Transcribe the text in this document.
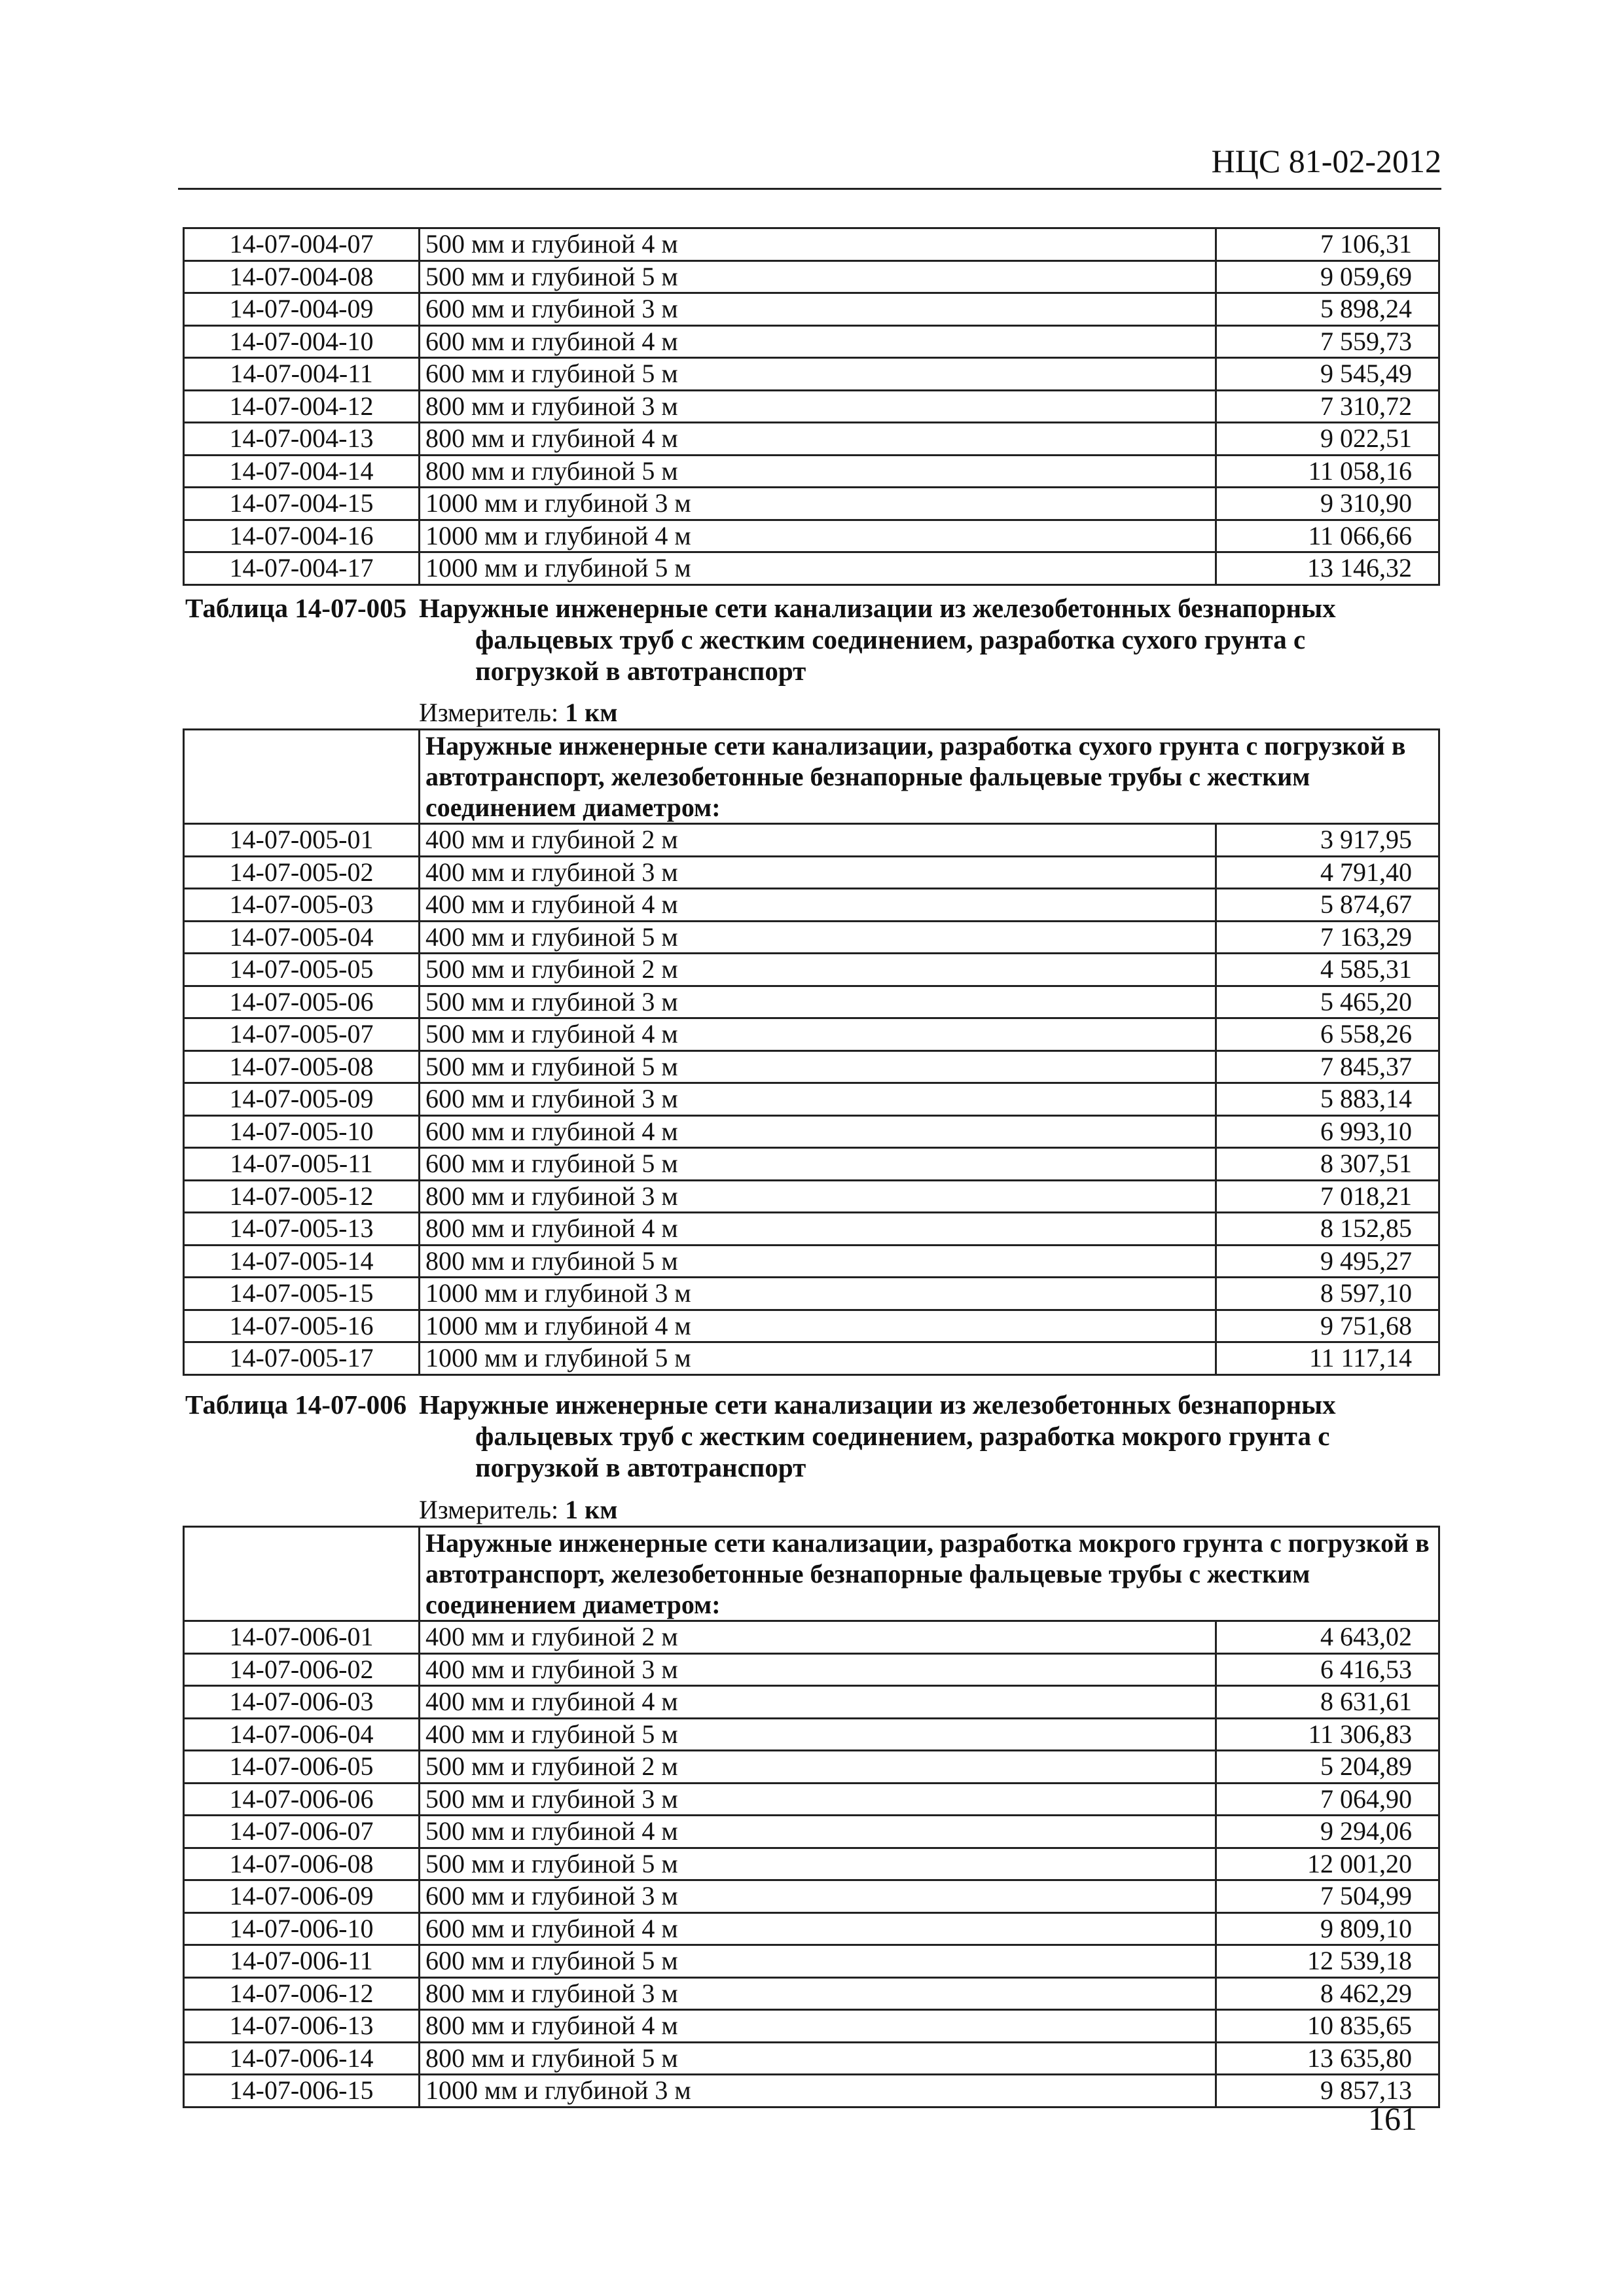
НЦС 81-02-2012
14-07-004-07	500 мм и глубиной 4 м	7 106,31
14-07-004-08	500 мм и глубиной 5 м	9 059,69
14-07-004-09	600 мм и глубиной 3 м	5 898,24
14-07-004-10	600 мм и глубиной 4 м	7 559,73
14-07-004-11	600 мм и глубиной 5 м	9 545,49
14-07-004-12	800 мм и глубиной 3 м	7 310,72
14-07-004-13	800 мм и глубиной 4 м	9 022,51
14-07-004-14	800 мм и глубиной 5 м	11 058,16
14-07-004-15	1000 мм и глубиной 3 м	9 310,90
14-07-004-16	1000 мм и глубиной 4 м	11 066,66
14-07-004-17	1000 мм и глубиной 5 м	13 146,32
Таблица 14-07-005 Наружные инженерные сети канализации из железобетонных безнапорных
фальцевых труб с жестким соединением, разработка сухого грунта с
погрузкой в автотранспорт
Измеритель: 1 км
	Наружные инженерные сети канализации, разработка сухого грунта с погрузкой в автотранспорт, железобетонные безнапорные фальцевые трубы с жестким соединением диаметром:	
14-07-005-01	400 мм и глубиной 2 м	3 917,95
14-07-005-02	400 мм и глубиной 3 м	4 791,40
14-07-005-03	400 мм и глубиной 4 м	5 874,67
14-07-005-04	400 мм и глубиной 5 м	7 163,29
14-07-005-05	500 мм и глубиной 2 м	4 585,31
14-07-005-06	500 мм и глубиной 3 м	5 465,20
14-07-005-07	500 мм и глубиной 4 м	6 558,26
14-07-005-08	500 мм и глубиной 5 м	7 845,37
14-07-005-09	600 мм и глубиной 3 м	5 883,14
14-07-005-10	600 мм и глубиной 4 м	6 993,10
14-07-005-11	600 мм и глубиной 5 м	8 307,51
14-07-005-12	800 мм и глубиной 3 м	7 018,21
14-07-005-13	800 мм и глубиной 4 м	8 152,85
14-07-005-14	800 мм и глубиной 5 м	9 495,27
14-07-005-15	1000 мм и глубиной 3 м	8 597,10
14-07-005-16	1000 мм и глубиной 4 м	9 751,68
14-07-005-17	1000 мм и глубиной 5 м	11 117,14
Таблица 14-07-006 Наружные инженерные сети канализации из железобетонных безнапорных
фальцевых труб с жестким соединением, разработка мокрого грунта с
погрузкой в автотранспорт
Измеритель: 1 км
	Наружные инженерные сети канализации, разработка мокрого грунта с погрузкой в автотранспорт, железобетонные безнапорные фальцевые трубы с жестким соединением диаметром:	
14-07-006-01	400 мм и глубиной 2 м	4 643,02
14-07-006-02	400 мм и глубиной 3 м	6 416,53
14-07-006-03	400 мм и глубиной 4 м	8 631,61
14-07-006-04	400 мм и глубиной 5 м	11 306,83
14-07-006-05	500 мм и глубиной 2 м	5 204,89
14-07-006-06	500 мм и глубиной 3 м	7 064,90
14-07-006-07	500 мм и глубиной 4 м	9 294,06
14-07-006-08	500 мм и глубиной 5 м	12 001,20
14-07-006-09	600 мм и глубиной 3 м	7 504,99
14-07-006-10	600 мм и глубиной 4 м	9 809,10
14-07-006-11	600 мм и глубиной 5 м	12 539,18
14-07-006-12	800 мм и глубиной 3 м	8 462,29
14-07-006-13	800 мм и глубиной 4 м	10 835,65
14-07-006-14	800 мм и глубиной 5 м	13 635,80
14-07-006-15	1000 мм и глубиной 3 м	9 857,13
161
